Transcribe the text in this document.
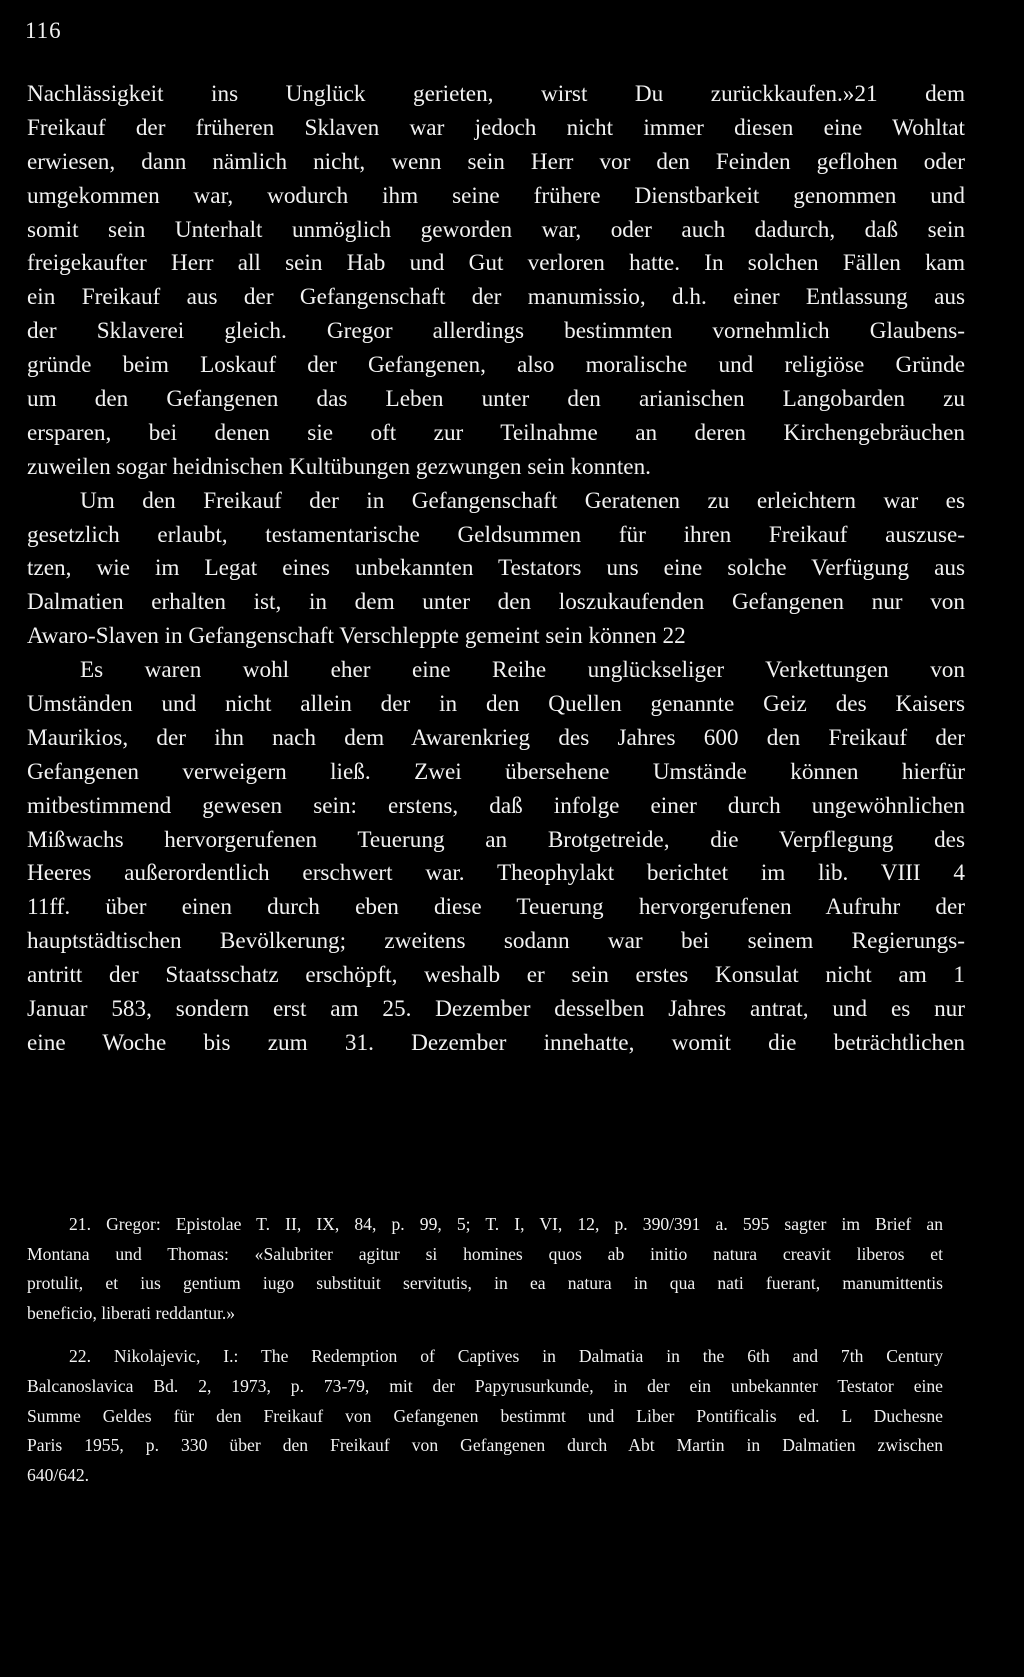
116
Nachlässigkeit ins Unglück gerieten, wirst Du zurückkaufen.»21 dem
Freikauf der früheren Sklaven war jedoch nicht immer diesen eine Wohltat
erwiesen, dann nämlich nicht, wenn sein Herr vor den Feinden geflohen oder
umgekommen war, wodurch ihm seine frühere Dienstbarkeit genommen und
somit sein Unterhalt unmöglich geworden war, oder auch dadurch, daß sein
freigekaufter Herr all sein Hab und Gut verloren hatte. In solchen Fällen kam
ein Freikauf aus der Gefangenschaft der manumissio, d.h. einer Entlassung aus
der Sklaverei gleich. Gregor allerdings bestimmten vornehmlich Glaubens-
gründe beim Loskauf der Gefangenen, also moralische und religiöse Gründe
um den Gefangenen das Leben unter den arianischen Langobarden zu
ersparen, bei denen sie oft zur Teilnahme an deren Kirchengebräuchen
zuweilen sogar heidnischen Kultübungen gezwungen sein konnten.
Um den Freikauf der in Gefangenschaft Geratenen zu erleichtern war es
gesetzlich erlaubt, testamentarische Geldsummen für ihren Freikauf auszuse-
tzen, wie im Legat eines unbekannten Testators uns eine solche Verfügung aus
Dalmatien erhalten ist, in dem unter den loszukaufenden Gefangenen nur von
Awaro-Slaven in Gefangenschaft Verschleppte gemeint sein können 22
Es waren wohl eher eine Reihe unglückseliger Verkettungen von
Umständen und nicht allein der in den Quellen genannte Geiz des Kaisers
Maurikios, der ihn nach dem Awarenkrieg des Jahres 600 den Freikauf der
Gefangenen verweigern ließ. Zwei übersehene Umstände können hierfür
mitbestimmend gewesen sein: erstens, daß infolge einer durch ungewöhnlichen
Mißwachs hervorgerufenen Teuerung an Brotgetreide, die Verpflegung des
Heeres außerordentlich erschwert war. Theophylakt berichtet im lib. VIII 4
11ff. über einen durch eben diese Teuerung hervorgerufenen Aufruhr der
hauptstädtischen Bevölkerung; zweitens sodann war bei seinem Regierungs-
antritt der Staatsschatz erschöpft, weshalb er sein erstes Konsulat nicht am 1
Januar 583, sondern erst am 25. Dezember desselben Jahres antrat, und es nur
eine Woche bis zum 31. Dezember innehatte, womit die beträchtlichen
21. Gregor: Epistolae T. II, IX, 84, p. 99, 5; T. I, VI, 12, p. 390/391 a. 595 sagter im Brief an
Montana und Thomas: «Salubriter agitur si homines quos ab initio natura creavit liberos et
protulit, et ius gentium iugo substituit servitutis, in ea natura in qua nati fuerant, manumittentis
beneficio, liberati reddantur.»
22. Nikolajevic, I.: The Redemption of Captives in Dalmatia in the 6th and 7th Century
Balcanoslavica Bd. 2, 1973, p. 73-79, mit der Papyrusurkunde, in der ein unbekannter Testator eine
Summe Geldes für den Freikauf von Gefangenen bestimmt und Liber Pontificalis ed. L Duchesne
Paris 1955, p. 330 über den Freikauf von Gefangenen durch Abt Martin in Dalmatien zwischen
640/642.
